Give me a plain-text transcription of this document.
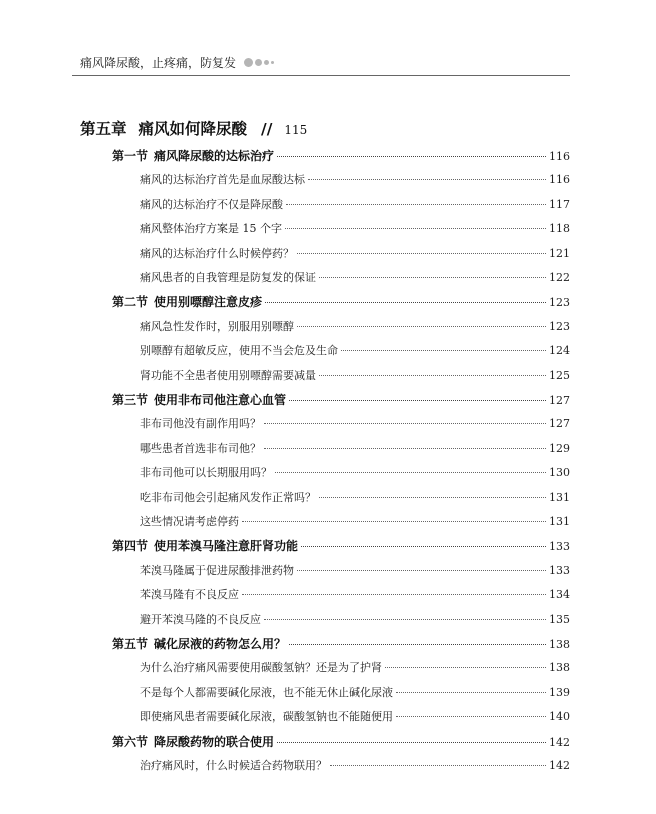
痛风降尿酸，止疼痛，防复发
第五章 痛风如何降尿酸 // 115
第一节 痛风降尿酸的达标治疗	116
痛风的达标治疗首先是血尿酸达标	116
痛风的达标治疗不仅是降尿酸	117
痛风整体治疗方案是 15 个字	118
痛风的达标治疗什么时候停药？	121
痛风患者的自我管理是防复发的保证	122
第二节 使用别嘌醇注意皮疹	123
痛风急性发作时，别服用别嘌醇	123
别嘌醇有超敏反应，使用不当会危及生命	124
肾功能不全患者使用别嘌醇需要减量	125
第三节 使用非布司他注意心血管	127
非布司他没有副作用吗？	127
哪些患者首选非布司他？	129
非布司他可以长期服用吗？	130
吃非布司他会引起痛风发作正常吗？	131
这些情况请考虑停药	131
第四节 使用苯溴马隆注意肝肾功能	133
苯溴马隆属于促进尿酸排泄药物	133
苯溴马隆有不良反应	134
避开苯溴马隆的不良反应	135
第五节 碱化尿液的药物怎么用？	138
为什么治疗痛风需要使用碳酸氢钠？还是为了护肾	138
不是每个人都需要碱化尿液，也不能无休止碱化尿液	139
即使痛风患者需要碱化尿液，碳酸氢钠也不能随便用	140
第六节 降尿酸药物的联合使用	142
治疗痛风时，什么时候适合药物联用？	142
